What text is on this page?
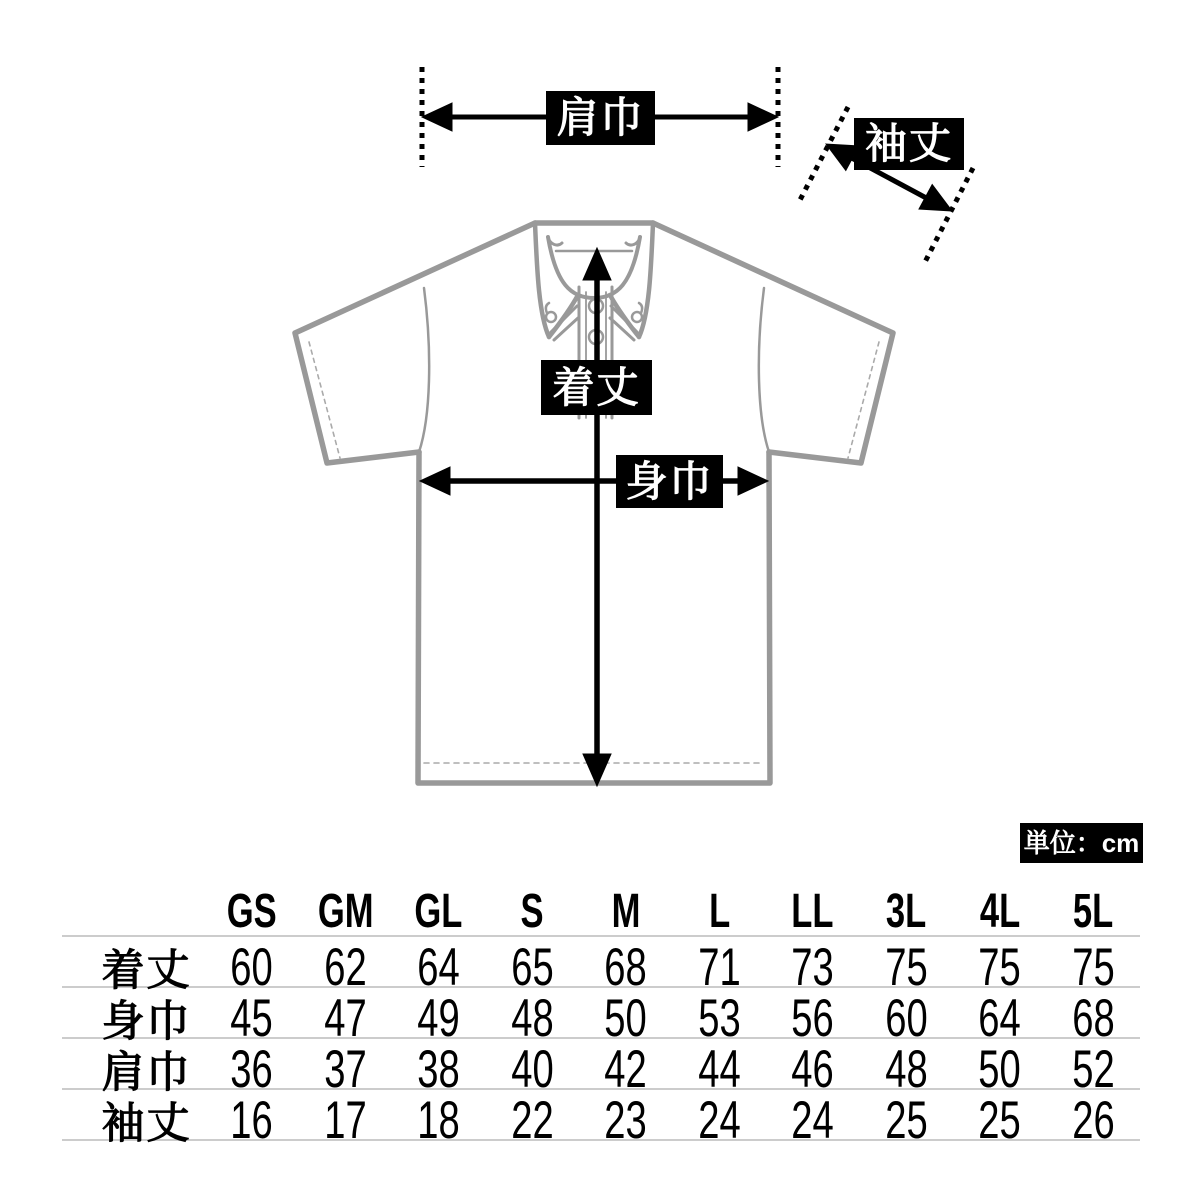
肩巾
袖丈
着丈
身巾
単位：cm
GS GM GL	S	M	L	LL	3L	4L	5L
着丈 60 62 64 65 68 71 73 75 75 75
身巾 45 47 49 48 50 53 56 60 64 68
肩巾 36 37 38 40 42 44 46 48 50 52
袖丈 16 17 18 22 23 24 24 25 25 26
